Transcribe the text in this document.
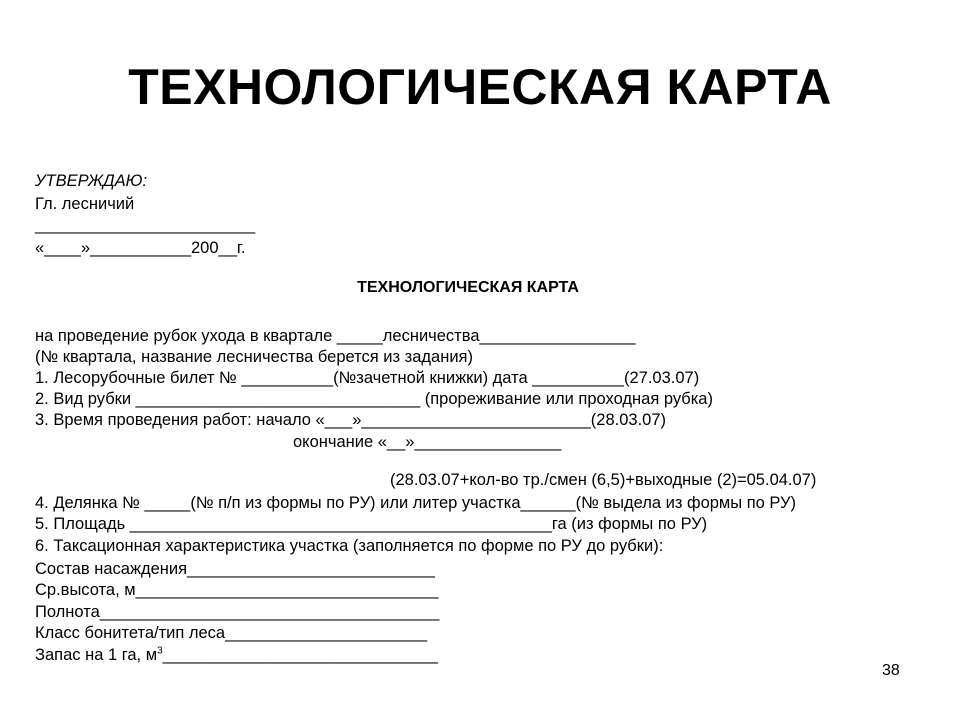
ТЕХНОЛОГИЧЕСКАЯ КАРТА
УТВЕРЖДАЮ:
Гл. лесничий
________________________
«____»___________200__г.
ТЕХНОЛОГИЧЕСКАЯ КАРТА
на проведение рубок ухода в квартале _____лесничества_________________
(№ квартала, название лесничества берется из задания)
1. Лесорубочные билет № __________(№зачетной книжки) дата __________(27.03.07)
2. Вид рубки _______________________________ (прореживание или проходная рубка)
3. Время проведения работ: начало «___»_________________________(28.03.07)
окончание «__»________________
(28.03.07+кол-во тр./смен (6,5)+выходные (2)=05.04.07)
4. Делянка № _____(№ п/п из формы по РУ) или литер участка______(№ выдела из формы по РУ)
5. Площадь ______________________________________________га (из формы по РУ)
6. Таксационная характеристика участка (заполняется по форме по РУ до рубки):
Состав насаждения___________________________
Ср.высота, м_________________________________
Полнота_____________________________________
Класс бонитета/тип леса______________________
Запас на 1 га, $м^3\_\_\_\_\_\_\_\_\_\_\_\_\_\_\_\_\_\_\_\_\_\_\_\_\_\_\_\_\_\_$
38
